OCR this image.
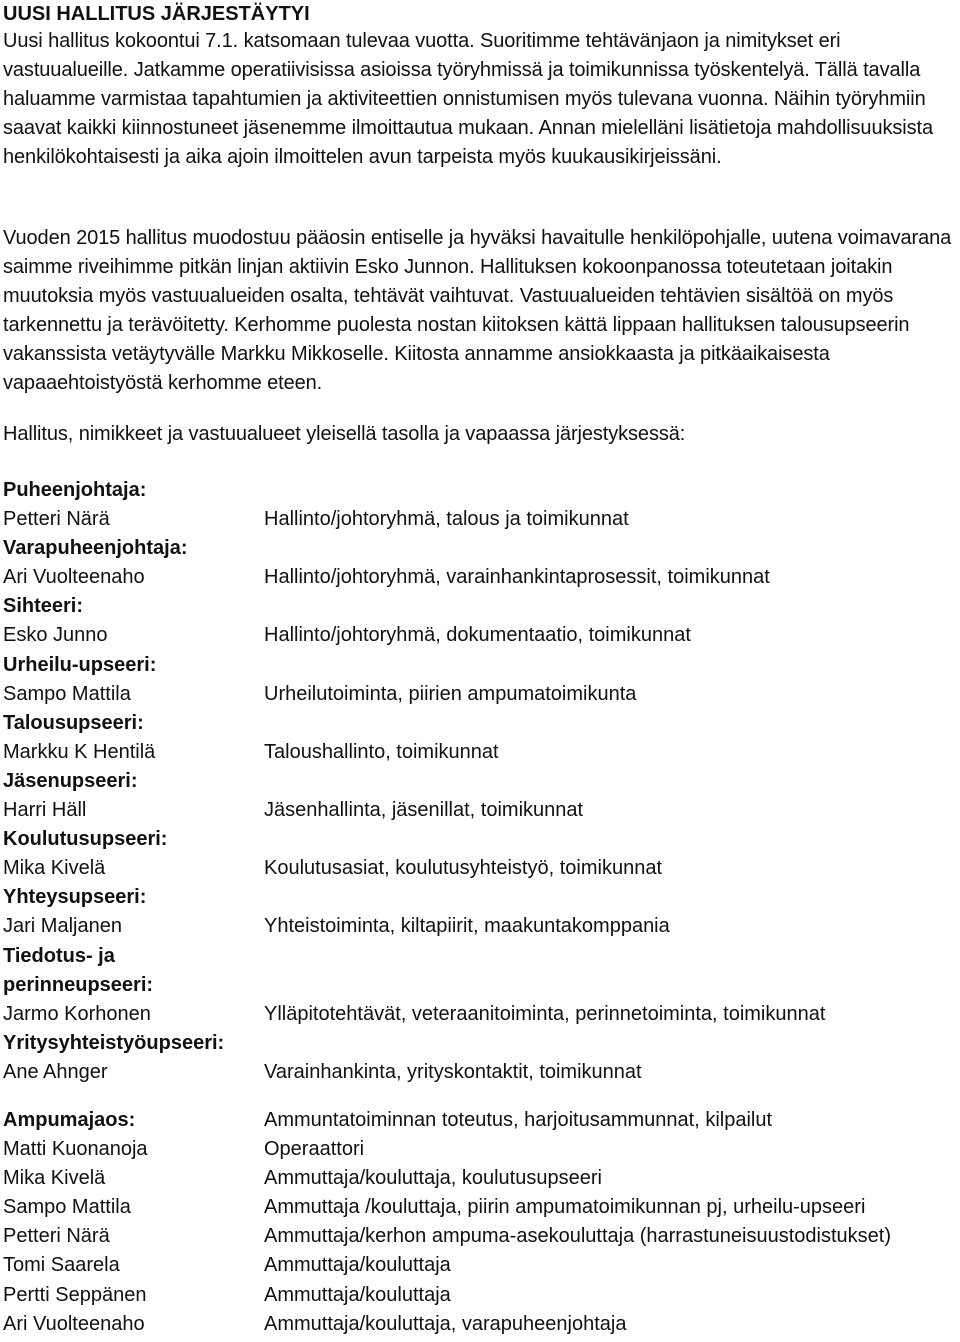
UUSI HALLITUS JÄRJESTÄYTYI

Uusi hallitus kokoontui 7.1. katsomaan tulevaa vuotta. Suoritimme tehtävänjaon ja nimitykset eri vastuualueille. Jatkamme operatiivisissa asioissa työryhmissä ja toimikunnissa työskentelyä. Tällä tavalla haluamme varmistaa tapahtumien ja aktiviteettien onnistumisen myös tulevana vuonna. Näihin työryhmiin saavat kaikki kiinnostuneet jäsenemme ilmoittautua mukaan. Annan mielelläni lisätietoja mahdollisuuksista henkilökohtaisesti ja aika ajoin ilmoittelen avun tarpeista myös kuukausikirjeissäni.

Vuoden 2015 hallitus muodostuu pääosin entiselle ja hyväksi havaitulle henkilöpohjalle, uutena voimavarana saimme riveihimme pitkän linjan aktiivin Esko Junnon. Hallituksen kokoonpanossa toteutetaan joitakin muutoksia myös vastuualueiden osalta, tehtävät vaihtuvat. Vastuualueiden tehtävien sisältöä on myös tarkennettu ja terävöitetty. Kerhomme puolesta nostan kiitoksen kättä lippaan hallituksen talousupseerin vakanssista vetäytyvälle Markku Mikkoselle. Kiitosta annamme ansiokkaasta ja pitkäaikaisesta vapaaehtoistyöstä kerhomme eteen.

Hallitus, nimikkeet ja vastuualueet yleisellä tasolla ja vapaassa järjestyksessä:

Puheenjohtaja:
Petteri Närä	Hallinto/johtoryhmä, talous ja toimikunnat
Varapuheenjohtaja:
Ari Vuolteenaho	Hallinto/johtoryhmä, varainhankintaprosessit, toimikunnat
Sihteeri:
Esko Junno	Hallinto/johtoryhmä, dokumentaatio, toimikunnat
Urheilu-upseeri:
Sampo Mattila	Urheilutoiminta, piirien ampumatoimikunta
Talousupseeri:
Markku K Hentilä	Taloushallinto, toimikunnat
Jäsenupseeri:
Harri Häll	Jäsenhallinta, jäsenillat, toimikunnat
Koulutusupseeri:
Mika Kivelä	Koulutusasiat, koulutusyhteistyö, toimikunnat
Yhteysupseeri:
Jari Maljanen	Yhteistoiminta, kiltapiirit, maakuntakomppania
Tiedotus- ja
perinneupseeri:
Jarmo Korhonen	Ylläpitotehtävät, veteraanitoiminta, perinnetoiminta, toimikunnat
Yritysyhteistyöupseeri:
Ane Ahnger	Varainhankinta, yrityskontaktit, toimikunnat
Ampumajaos:	Ammuntatoiminnan toteutus, harjoitusammunnat, kilpailut
Matti Kuonanoja	Operaattori
Mika Kivelä	Ammuttaja/kouluttaja, koulutusupseeri
Sampo Mattila	Ammuttaja /kouluttaja, piirin ampumatoimikunnan pj, urheilu-upseeri
Petteri Närä	Ammuttaja/kerhon ampuma-asekouluttaja (harrastuneisuustodistukset)
Tomi Saarela	Ammuttaja/kouluttaja
Pertti Seppänen	Ammuttaja/kouluttaja
Ari Vuolteenaho	Ammuttaja/kouluttaja, varapuheenjohtaja
